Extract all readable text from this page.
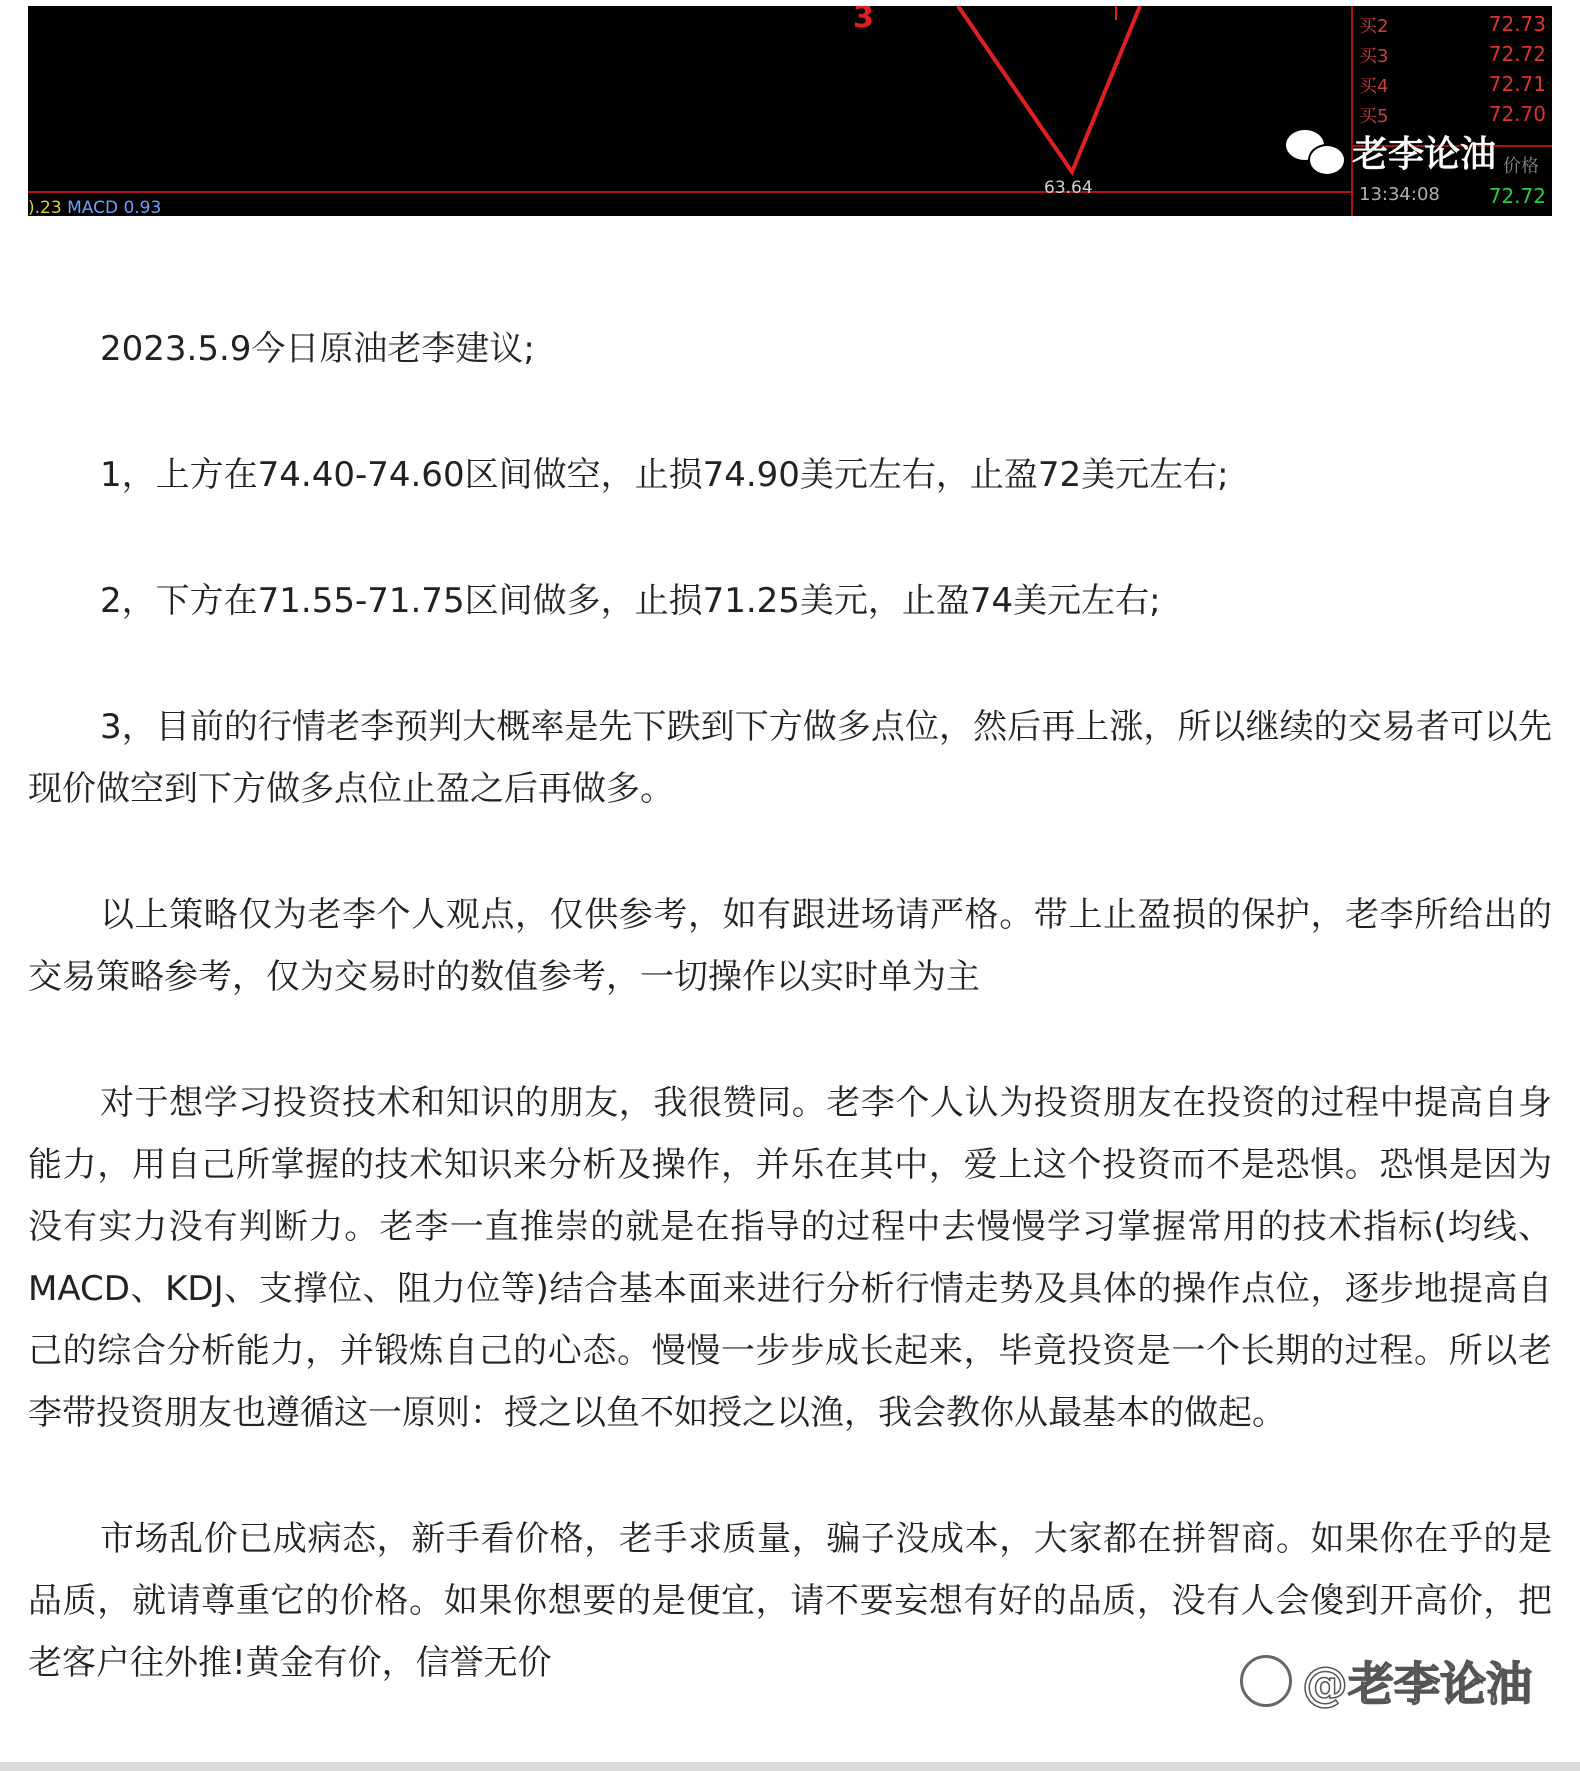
3
63.64
).23 MACD 0.93
买2	72.73
买3	72.72
买4	72.71
买5	72.70
价格
13:34:08 72.72
老李论油

2023.5.9今日原油老李建议;

1，上方在74.40-74.60区间做空，止损74.90美元左右，止盈72美元左右;

2，下方在71.55-71.75区间做多，止损71.25美元，止盈74美元左右;

3，目前的行情老李预判大概率是先下跌到下方做多点位，然后再上涨，所以继续的交易者可以先现价做空到下方做多点位止盈之后再做多。

以上策略仅为老李个人观点，仅供参考，如有跟进场请严格。带上止盈损的保护，老李所给出的交易策略参考，仅为交易时的数值参考，一切操作以实时单为主

对于想学习投资技术和知识的朋友，我很赞同。老李个人认为投资朋友在投资的过程中提高自身能力，用自己所掌握的技术知识来分析及操作，并乐在其中，爱上这个投资而不是恐惧。恐惧是因为没有实力没有判断力。老李一直推崇的就是在指导的过程中去慢慢学习掌握常用的技术指标(均线、MACD、KDJ、支撑位、阻力位等)结合基本面来进行分析行情走势及具体的操作点位，逐步地提高自己的综合分析能力，并锻炼自己的心态。慢慢一步步成长起来，毕竟投资是一个长期的过程。所以老李带投资朋友也遵循这一原则：授之以鱼不如授之以渔，我会教你从最基本的做起。

市场乱价已成病态，新手看价格，老手求质量，骗子没成本，大家都在拼智商。如果你在乎的是品质，就请尊重它的价格。如果你想要的是便宜，请不要妄想有好的品质，没有人会傻到开高价，把老客户往外推!黄金有价，信誉无价	@老李论油
